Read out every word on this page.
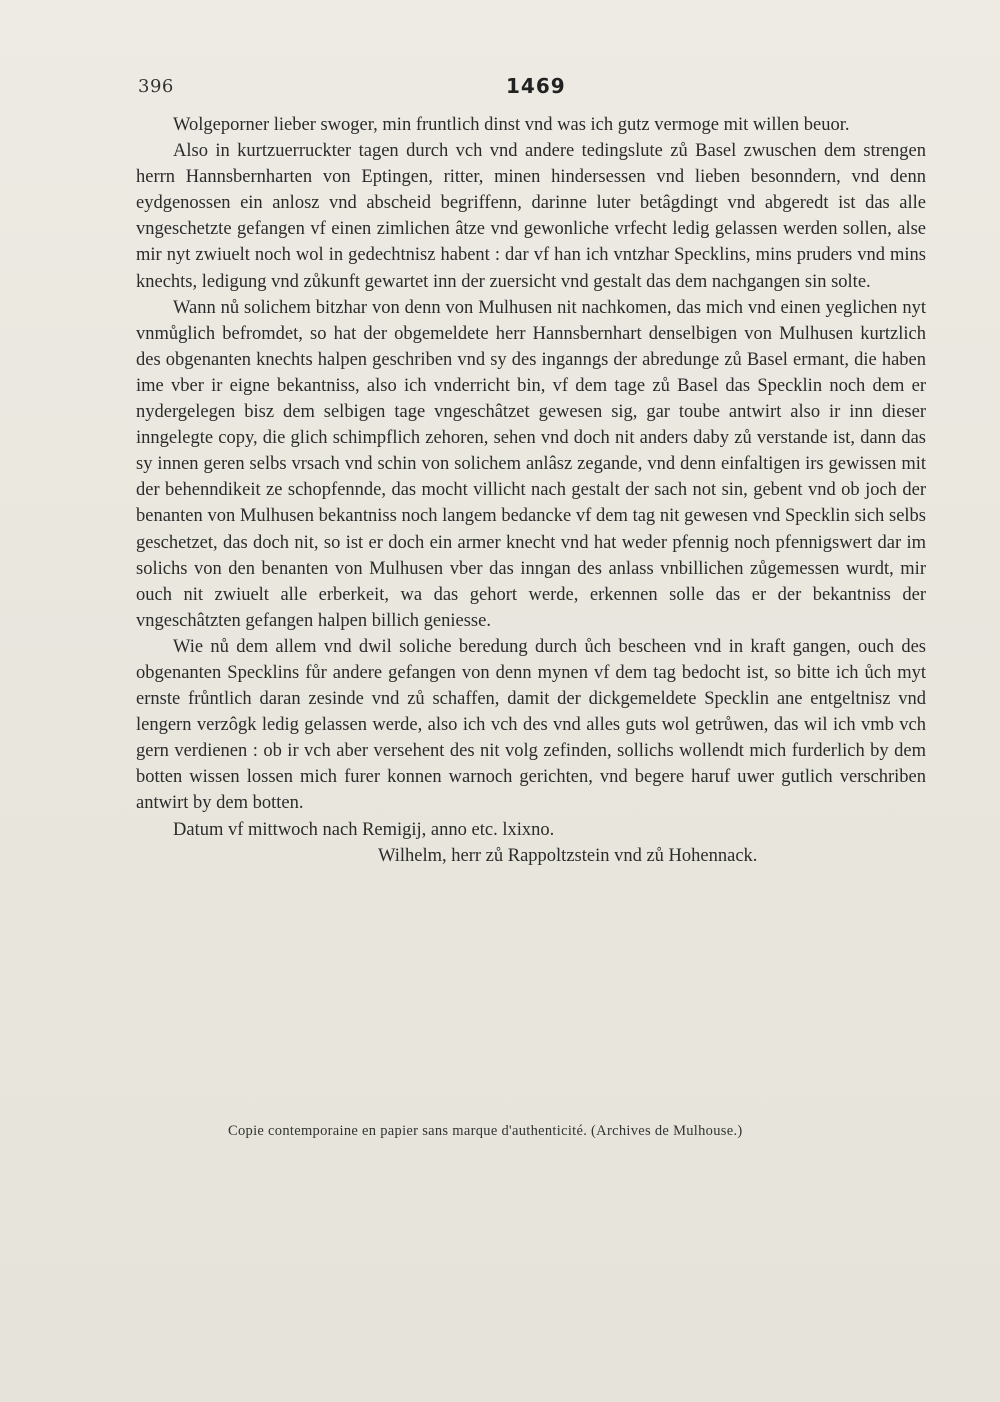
396	1469

Wolgeporner lieber swoger, min fruntlich dinst vnd was ich gutz vermoge mit willen beuor.

Also in kurtzuerruckter tagen durch vch vnd andere tedingslute zů Basel zwuschen dem strengen herrn Hannsbernharten von Eptingen, ritter, minen hindersessen vnd lieben besonndern, vnd denn eydgenossen ein anlosz vnd abscheid begriffenn, darinne luter betâgdingt vnd abgeredt ist das alle vngeschetzte gefangen vf einen zimlichen âtze vnd gewonliche vrfecht ledig gelassen werden sollen, alse mir nyt zwiuelt noch wol in gedechtnisz habent : dar vf han ich vntzhar Specklins, mins pruders vnd mins knechts, ledigung vnd zůkunft gewartet inn der zuersicht vnd gestalt das dem nachgangen sin solte.

Wann nů solichem bitzhar von denn von Mulhusen nit nachkomen, das mich vnd einen yeglichen nyt vnmůglich befromdet, so hat der obgemeldete herr Hannsbernhart denselbigen von Mulhusen kurtzlich des obgenanten knechts halpen geschriben vnd sy des inganngs der abredunge zů Basel ermant, die haben ime vber ir eigne bekantniss, also ich vnderricht bin, vf dem tage zů Basel das Specklin noch dem er nydergelegen bisz dem selbigen tage vngeschâtzet gewesen sig, gar toube antwirt also ir inn dieser inngelegte copy, die glich schimpflich zehoren, sehen vnd doch nit anders daby zů verstande ist, dann das sy innen geren selbs vrsach vnd schin von solichem anlâsz zegande, vnd denn einfaltigen irs gewissen mit der behenndikeit ze schopfennde, das mocht villicht nach gestalt der sach not sin, gebent vnd ob joch der benanten von Mulhusen bekantniss noch langem bedancke vf dem tag nit gewesen vnd Specklin sich selbs geschetzet, das doch nit, so ist er doch ein armer knecht vnd hat weder pfennig noch pfennigswert dar im solichs von den benanten von Mulhusen vber das inngan des anlass vnbillichen zůgemessen wurdt, mir ouch nit zwiuelt alle erberkeit, wa das gehort werde, erkennen solle das er der bekantniss der vngeschâtzten gefangen halpen billich geniesse.

Wie nů dem allem vnd dwil soliche beredung durch ůch bescheen vnd in kraft gangen, ouch des obgenanten Specklins fůr andere gefangen von denn mynen vf dem tag bedocht ist, so bitte ich ůch myt ernste frůntlich daran zesinde vnd zů schaffen, damit der dickgemeldete Specklin ane entgeltnisz vnd lengern verzôgk ledig gelassen werde, also ich vch des vnd alles guts wol getrůwen, das wil ich vmb vch gern verdienen : ob ir vch aber versehent des nit volg zefinden, sollichs wollendt mich furderlich by dem botten wissen lossen mich furer konnen warnoch gerichten, vnd begere haruf uwer gutlich verschriben antwirt by dem botten.

Datum vf mittwoch nach Remigij, anno etc. lxixno.

Wilhelm, herr zů Rappoltzstein vnd zů Hohennack.

Copie contemporaine en papier sans marque d'authenticité. (Archives de Mulhouse.)
